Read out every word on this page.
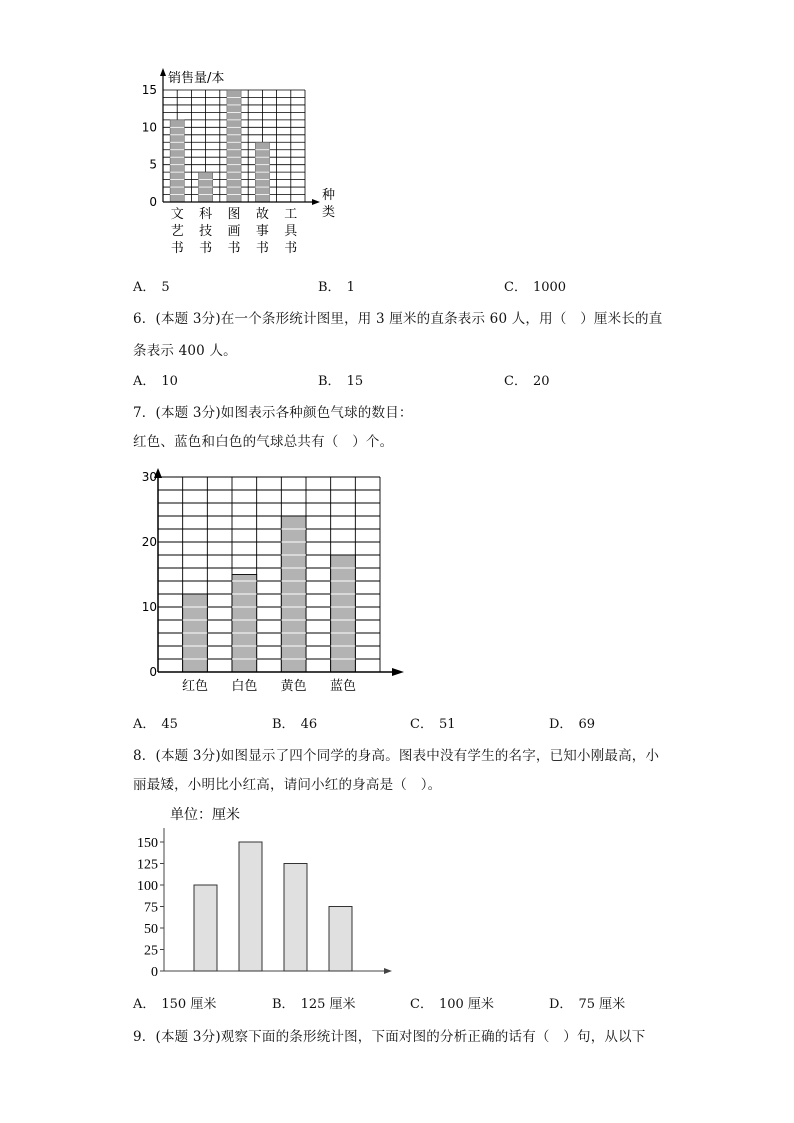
销售量/本
种
类
0
5
10
15
文
艺
书
科
技
书
图
画
书
故
事
书
工
具
书
A． 5	B． 1	C． 1000
6．(本题 3分)在一个条形统计图里，用 3 厘米的直条表示 60 人，用（　）厘米长的直
条表示 400 人。
A． 10	B． 15	C． 20
7．(本题 3分)如图表示各种颜色气球的数目：
红色、蓝色和白色的气球总共有（　）个。
0
10
20
30
红色 白色 黄色 蓝色
A． 45	B． 46	C． 51	D． 69
8．(本题 3分)如图显示了四个同学的身高。图表中没有学生的名字，已知小刚最高，小
丽最矮，小明比小红高，请问小红的身高是（　）。
单位：厘米
0
25
50
75
100
125
150
A． 150 厘米	B． 125 厘米	C． 100 厘米	D． 75 厘米
9．(本题 3分)观察下面的条形统计图，下面对图的分析正确的话有（　）句，从以下
